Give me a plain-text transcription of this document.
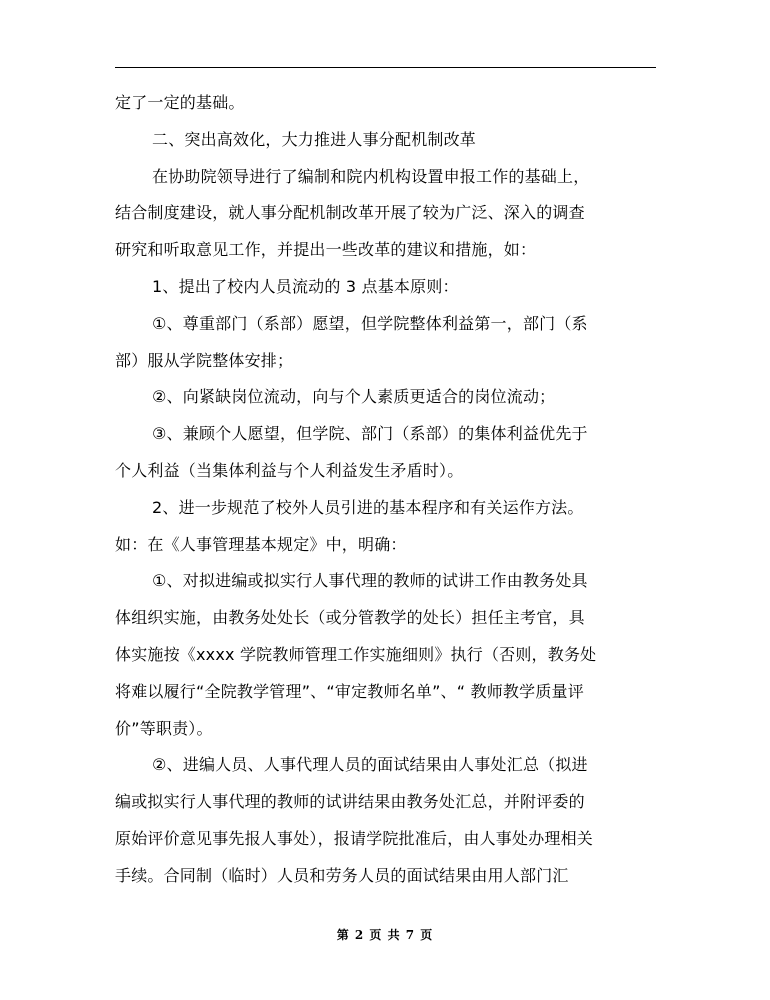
定了一定的基础。
二、突出高效化，大力推进人事分配机制改革
在协助院领导进行了编制和院内机构设置申报工作的基础上，
结合制度建设，就人事分配机制改革开展了较为广泛、深入的调查
研究和听取意见工作，并提出一些改革的建议和措施，如：
1、提出了校内人员流动的 3 点基本原则：
①、尊重部门（系部）愿望，但学院整体利益第一，部门（系
部）服从学院整体安排；
②、向紧缺岗位流动，向与个人素质更适合的岗位流动；
③、兼顾个人愿望，但学院、部门（系部）的集体利益优先于
个人利益（当集体利益与个人利益发生矛盾时）。
2、进一步规范了校外人员引进的基本程序和有关运作方法。
如：在《人事管理基本规定》中，明确：
①、对拟进编或拟实行人事代理的教师的试讲工作由教务处具
体组织实施，由教务处处长（或分管教学的处长）担任主考官，具
体实施按《xxxx 学院教师管理工作实施细则》执行（否则，教务处
将难以履行“全院教学管理”、“审定教师名单”、“ 教师教学质量评
价”等职责）。
②、进编人员、人事代理人员的面试结果由人事处汇总（拟进
编或拟实行人事代理的教师的试讲结果由教务处汇总，并附评委的
原始评价意见事先报人事处），报请学院批准后，由人事处办理相关
手续。合同制（临时）人员和劳务人员的面试结果由用人部门汇
第 2 页 共 7 页
